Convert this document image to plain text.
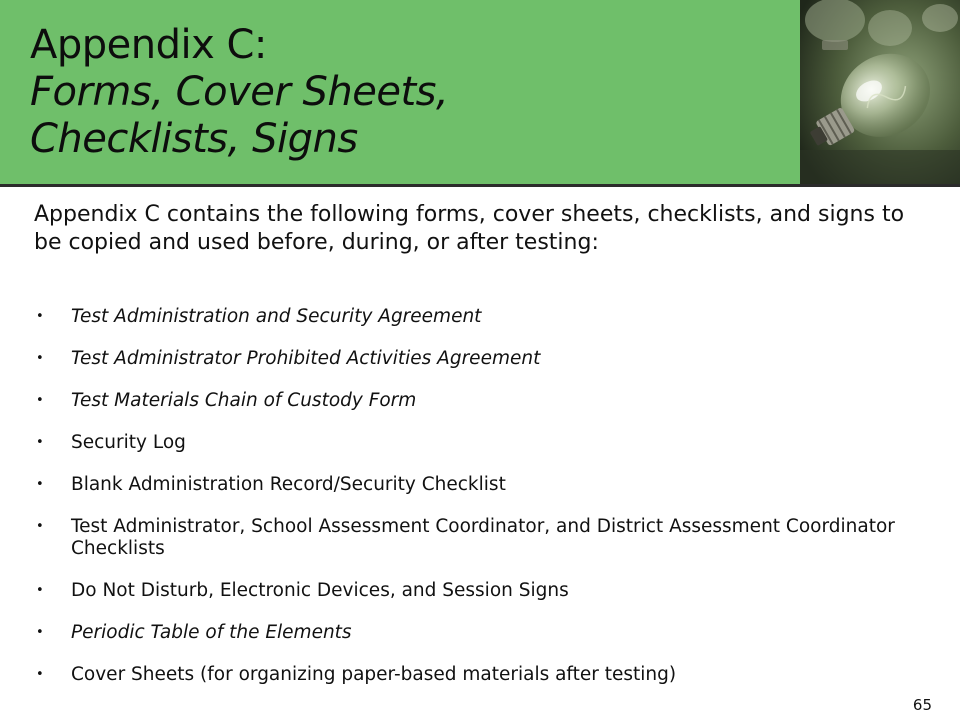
Appendix C:
Forms, Cover Sheets,
Checklists, Signs

Appendix C contains the following forms, cover sheets, checklists, and signs to be copied and used before, during, or after testing:

• Test Administration and Security Agreement
• Test Administrator Prohibited Activities Agreement
• Test Materials Chain of Custody Form
• Security Log
• Blank Administration Record/Security Checklist
• Test Administrator, School Assessment Coordinator, and District Assessment Coordinator Checklists
• Do Not Disturb, Electronic Devices, and Session Signs
• Periodic Table of the Elements
• Cover Sheets (for organizing paper-based materials after testing)
65
